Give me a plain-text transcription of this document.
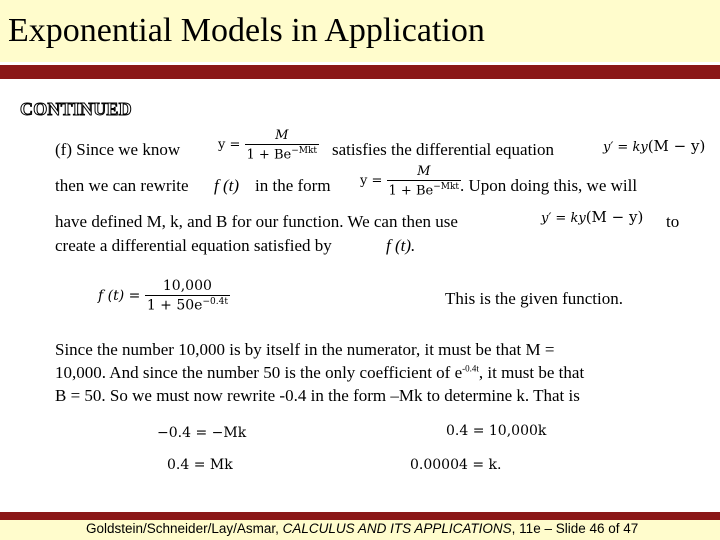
Exponential Models in Application
CONTINUED
(f) Since we know	$y = \frac{M}{1 + Be^{-Mkt}}$ satisfies the differential equation	y′ = ky(M − y)
then we can rewrite f (t) in the form $y = \frac{M}{1 + Be^{-Mkt}}$
. Upon doing this, we will
have defined M, k, and B for our function. We can then use	y′ = ky(M − y) to
create a differential equation satisfied by	f (t).
f $(t) = \frac{10,000}{1 + 50e^{-0.4t}}$	This is the given function.
Since the number 10,000 is by itself in the numerator, it must be that M =
10,000. And since the number 50 is the only coefficient of $e^{-0.4t}$, it must be that
B = 50. So we must now rewrite -0.4 in the form –Mk to determine k. That is
−0.4 = −Mk
0.4 = Mk
0.4 = 10,000k
0.00004 = k.
Goldstein/Schneider/Lay/Asmar, CALCULUS AND ITS APPLICATIONS, 11e – Slide 46 of 47
